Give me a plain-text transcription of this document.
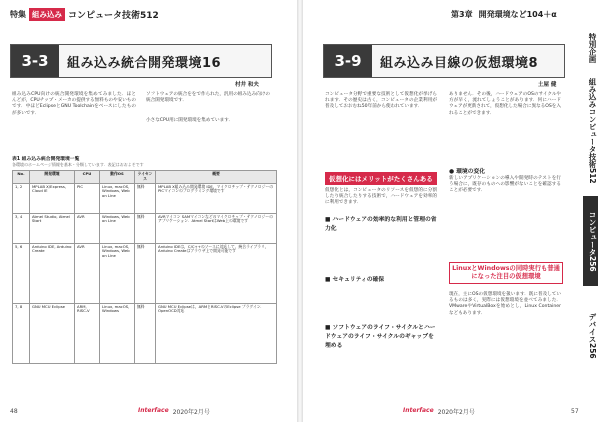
特集 組み込み コンピュータ技術512
3-3	組み込み統合開発環境16
村井 和夫
組み込みCPU向けの統合開発環境を集めてみました．ほとんどが，CPUチップ・メーカの提供する無料ものや安いものです．中ほどEclipseとGNU Toolchainをベースにしたものが多いです．
ソフトウェアの統合ををで作られた，汎用の組み込み向けの統合開発環境です．
小さなCPU用に開発環境を集めています．
表1 組み込み統合開発環境一覧
各環境のホームページ情報を基本・分類しています．表記はおおよそです
No.	開発環境	CPU	動作OS	ライセンス	概要
1, 2	MPLAB X/Express, Cloud IE	PIC	Linux, macOS, Windows, Web on Line	無料	MPLAB X組み込み開発環境 IDE，マイクロチップ・テクノロジーのPICマイコンのプログラミング環境です
3, 4	Atmel Studio, Atmel Start	AVR	Windows, Web on Line	無料	AVRマイコン SAMマイコンなどのマイクロチップ・テクノロジーのアプリケーション．Atmel StartはWeb上の環境です
5, 6	Arduino IDE, Arduino Create	AVR	Linux, macOS, Windows, Web on Line	無料	Arduino IDEは，C/C++のソースに対応して，統合ライブラリ，Arduino Createはブラウザ上で開発可能です
7, 8	GNU MCU Eclipse	ARM, RISC-V	Linux, macOS, Windows	無料	GNU MCU Eclipseは，ARMとRISC-VのEclipse プラグイン．OpenOCD対応
48	Interface 2020年2月号
第3章 開発環境など104＋α
3-9	組み込み目線の仮想環境8
土屋 健
コンピュータ分野で重要な技術として仮想化が挙げられます．その歴史は古く，コンピュータの企業利用が普及しておおむね50年前から使われています．
ありません．その後，ハードウェアのOSのサイクルや方が早く，流れてしょうことがあります．何にハードウェアが更新されて，仮想化した場合に異なるOSを入れることができます．
仮想化にはメリットがたくさんある
仮想化とは，コンピュータのリソースを仮想的に分割したり統合したりする技術で，ハードウェアを効率的に利用できます．
■ ハードウェアの効率的な利用と管理の省力化
■ セキュリティの確保
■ ソフトウェアのライフ・サイクルとハードウェアのライフ・サイクルのギャップを埋める
● 環境の変化
新しいアプリケーションの導入や開発時のテストを行う場合に，既存のものへの影響がないことを確認することが必要です．
LinuxとWindowsの同時実行も普通になった注目の仮想環境
現在，主にOSの仮想環境を扱います．既に普及しているものは多く，実際には仮想環境を並べてみました．VMwareやVirtualBoxを始めとし，Linux Containerなどもあります．
Interface 2020年2月号	57
特別企画
組み込みコンピュータ技術512
コンピュータ256
デバイス256
